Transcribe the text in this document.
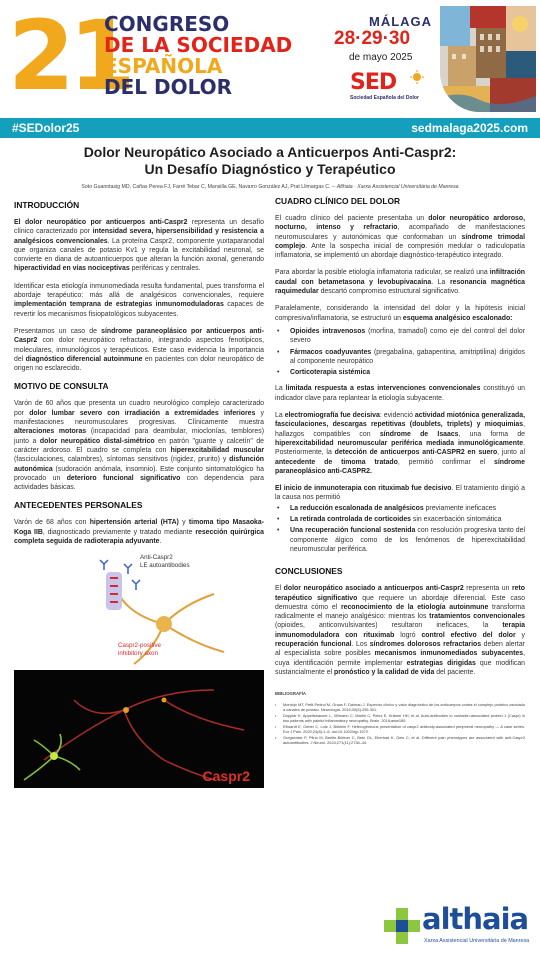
21
CONGRESO
DE LA SOCIEDAD
ESPAÑOLA
DEL DOLOR
MÁLAGA
28·29·30
de mayo 2025
SED
Sociedad Española del Dolor
#SEDolor25	sedmalaga2025.com
Dolor Neuropático Asociado a Anticuerpos Anti-Caspr2:
Un Desafío Diagnóstico y Terapéutico
Soto Guanotasig MD, Cañas Perea FJ, Farré Tebar C, Mansilla GE, Navarro González AJ, Prat Llimargas C. -- Althaia · Xarxa Assistencial Universitària de Manresa
INTRODUCCIÓN

El dolor neuropático por anticuerpos anti-Caspr2 representa un desafío clínico caracterizado por intensidad severa, hipersensibilidad y resistencia a analgésicos convencionales. La proteína Caspr2, componente yuxtaparanodal que organiza canales de potasio Kv1 y regula la excitabilidad neuronal, se convierte en diana de autoanticuerpos que alteran la función axonal, generando hiperactividad en vías nociceptivas periféricas y centrales.

Identificar esta etiología inmunomediada resulta fundamental, pues transforma el abordaje terapéutico: más allá de analgésicos convencionales, requiere implementación temprana de estrategias inmunomoduladoras capaces de revertir los mecanismos fisiopatológicos subyacentes.

Presentamos un caso de síndrome paraneoplásico por anticuerpos anti-Caspr2 con dolor neuropático refractario, integrando aspectos fenotípicos, moleculares, inmunológicos y terapéuticos. Este caso evidencia la importancia del diagnóstico diferencial autoinmune en pacientes con dolor neuropático de origen no esclarecido.

MOTIVO DE CONSULTA

Varón de 60 años que presenta un cuadro neurológico complejo caracterizado por dolor lumbar severo con irradiación a extremidades inferiores y manifestaciones neuromusculares progresivas. Clínicamente muestra alteraciones motoras (incapacidad para deambular, mioclonías, temblores) junto a dolor neuropático distal-simétrico en patrón "guante y calcetín" de carácter ardoroso. El cuadro se completa con hiperexcitabilidad muscular (fasciculaciones, calambres), síntomas sensitivos (rigidez, prurito) y disfunción autonómica (sudoración anómala, insomnio). Este conjunto sintomatológico ha provocado un deterioro funcional significativo con dependencia para actividades básicas.

ANTECEDENTES PERSONALES

Varón de 68 años con hipertensión arterial (HTA) y timoma tipo Masaoka-Koga IIB, diagnosticado previamente y tratado mediante resección quirúrgica completa seguida de radioterapia adyuvante.

Anti-Caspr2
LE autoantibodies
Caspr2-positive
inhibitory axon
Caspr2
CUADRO CLÍNICO DEL DOLOR

El cuadro clínico del paciente presentaba un dolor neuropático ardoroso, nocturno, intenso y refractario, acompañado de manifestaciones neuromusculares y autonómicas que conformaban un síndrome trimodal complejo. Ante la sospecha inicial de compresión medular o radiculopatía inflamatoria, se implementó un abordaje diagnóstico-terapéutico integrado.

Para abordar la posible etiología inflamatoria radicular, se realizó una infiltración caudal con betametasona y levobupivacaína. La resonancia magnética raquimedular descartó compromiso estructural significativo.

Paralelamente, considerando la intensidad del dolor y la hipótesis inicial compresiva/inflamatoria, se estructuró un esquema analgésico escalonado:

• Opioides intravenosos (morfina, tramadol) como eje del control del dolor severo
• Fármacos coadyuvantes (pregabalina, gabapentina, amitriptilina) dirigidos al componente neuropático
• Corticoterapia sistémica

La limitada respuesta a estas intervenciones convencionales constituyó un indicador clave para replantear la etiología subyacente.

La electromiografía fue decisiva: evidenció actividad miotónica generalizada, fasciculaciones, descargas repetitivas (doublets, triplets) y mioquimias, hallazgos compatibles con síndrome de Isaacs, una forma de hiperexcitabilidad neuromuscular periférica mediada inmunológicamente. Posteriormente, la detección de anticuerpos anti-CASPR2 en suero, junto al antecedente de timoma tratado, permitió confirmar el síndrome paraneoplásico anti-CASPR2.

El inicio de inmunoterapia con rituximab fue decisivo. El tratamiento dirigió a la causa nos permitió

• La reducción escalonada de analgésicos previamente ineficaces
• La retirada controlada de corticoides sin exacerbación sintomática
• Una recuperación funcional sostenida con resolución progresiva tanto del componente álgico como de los fenómenos de hiperexcitabilidad neuromuscular periférica.
CONCLUSIONES

El dolor neuropático asociado a anticuerpos anti-Caspr2 representa un reto terapéutico significativo que requiere un abordaje diferencial. Este caso demuestra cómo el reconocimiento de la etiología autoinmune transforma radicalmente el manejo analgésico: mientras los tratamientos convencionales (opioides, anticonvulsivantes) resultaron ineficaces, la terapia inmunomoduladora con rituximab logró control efectivo del dolor y recuperación funcional. Los síndromes dolorosos refractarios deben alertar al especialista sobre posibles mecanismos inmunomediados subyacentes, cuya identificación permite implementar estrategias dirigidas que modifican sustancialmente el pronóstico y la calidad de vida del paciente.

BIBLIOGRAFÍA
• Montojo MT, Petit-Pedrol M, Graus F, Dalmau J. Espectro clínico y valor diagnóstico de los anticuerpos contra el complejo proteico asociado a canales de potasio. Neurología. 2015;30(5):295-301.
• Dopplar K, Appeltshauser L, Villmann C, Martin C, Peles E, Krämer HH, et al. Auto-antibodies to contactin-associated protein 1 (Caspr) in two patients with painful inflammatory neuropathy. Brain. 2016;aww189.
• Ellwardt E, Geber C, Lotz J, Birklein F. Heterogeneous presentation of caspr2 antibody-associated peripheral neuropathy — A case series. Eur J Pain. 2020;24(8):1–6. doi:10.1002/ejp.1572.
• Gregsiotsis P, Pfirio M, Beetle-Büttner C, Betz OL, Eberhad K, Geis C, et al. Different pain phenotypes are associated with anti-Caspr2 autoantibodies. J Neurol. 2024;271(11):2736–44.
althaia
Xarxa Assistencial Universitària de Manresa
